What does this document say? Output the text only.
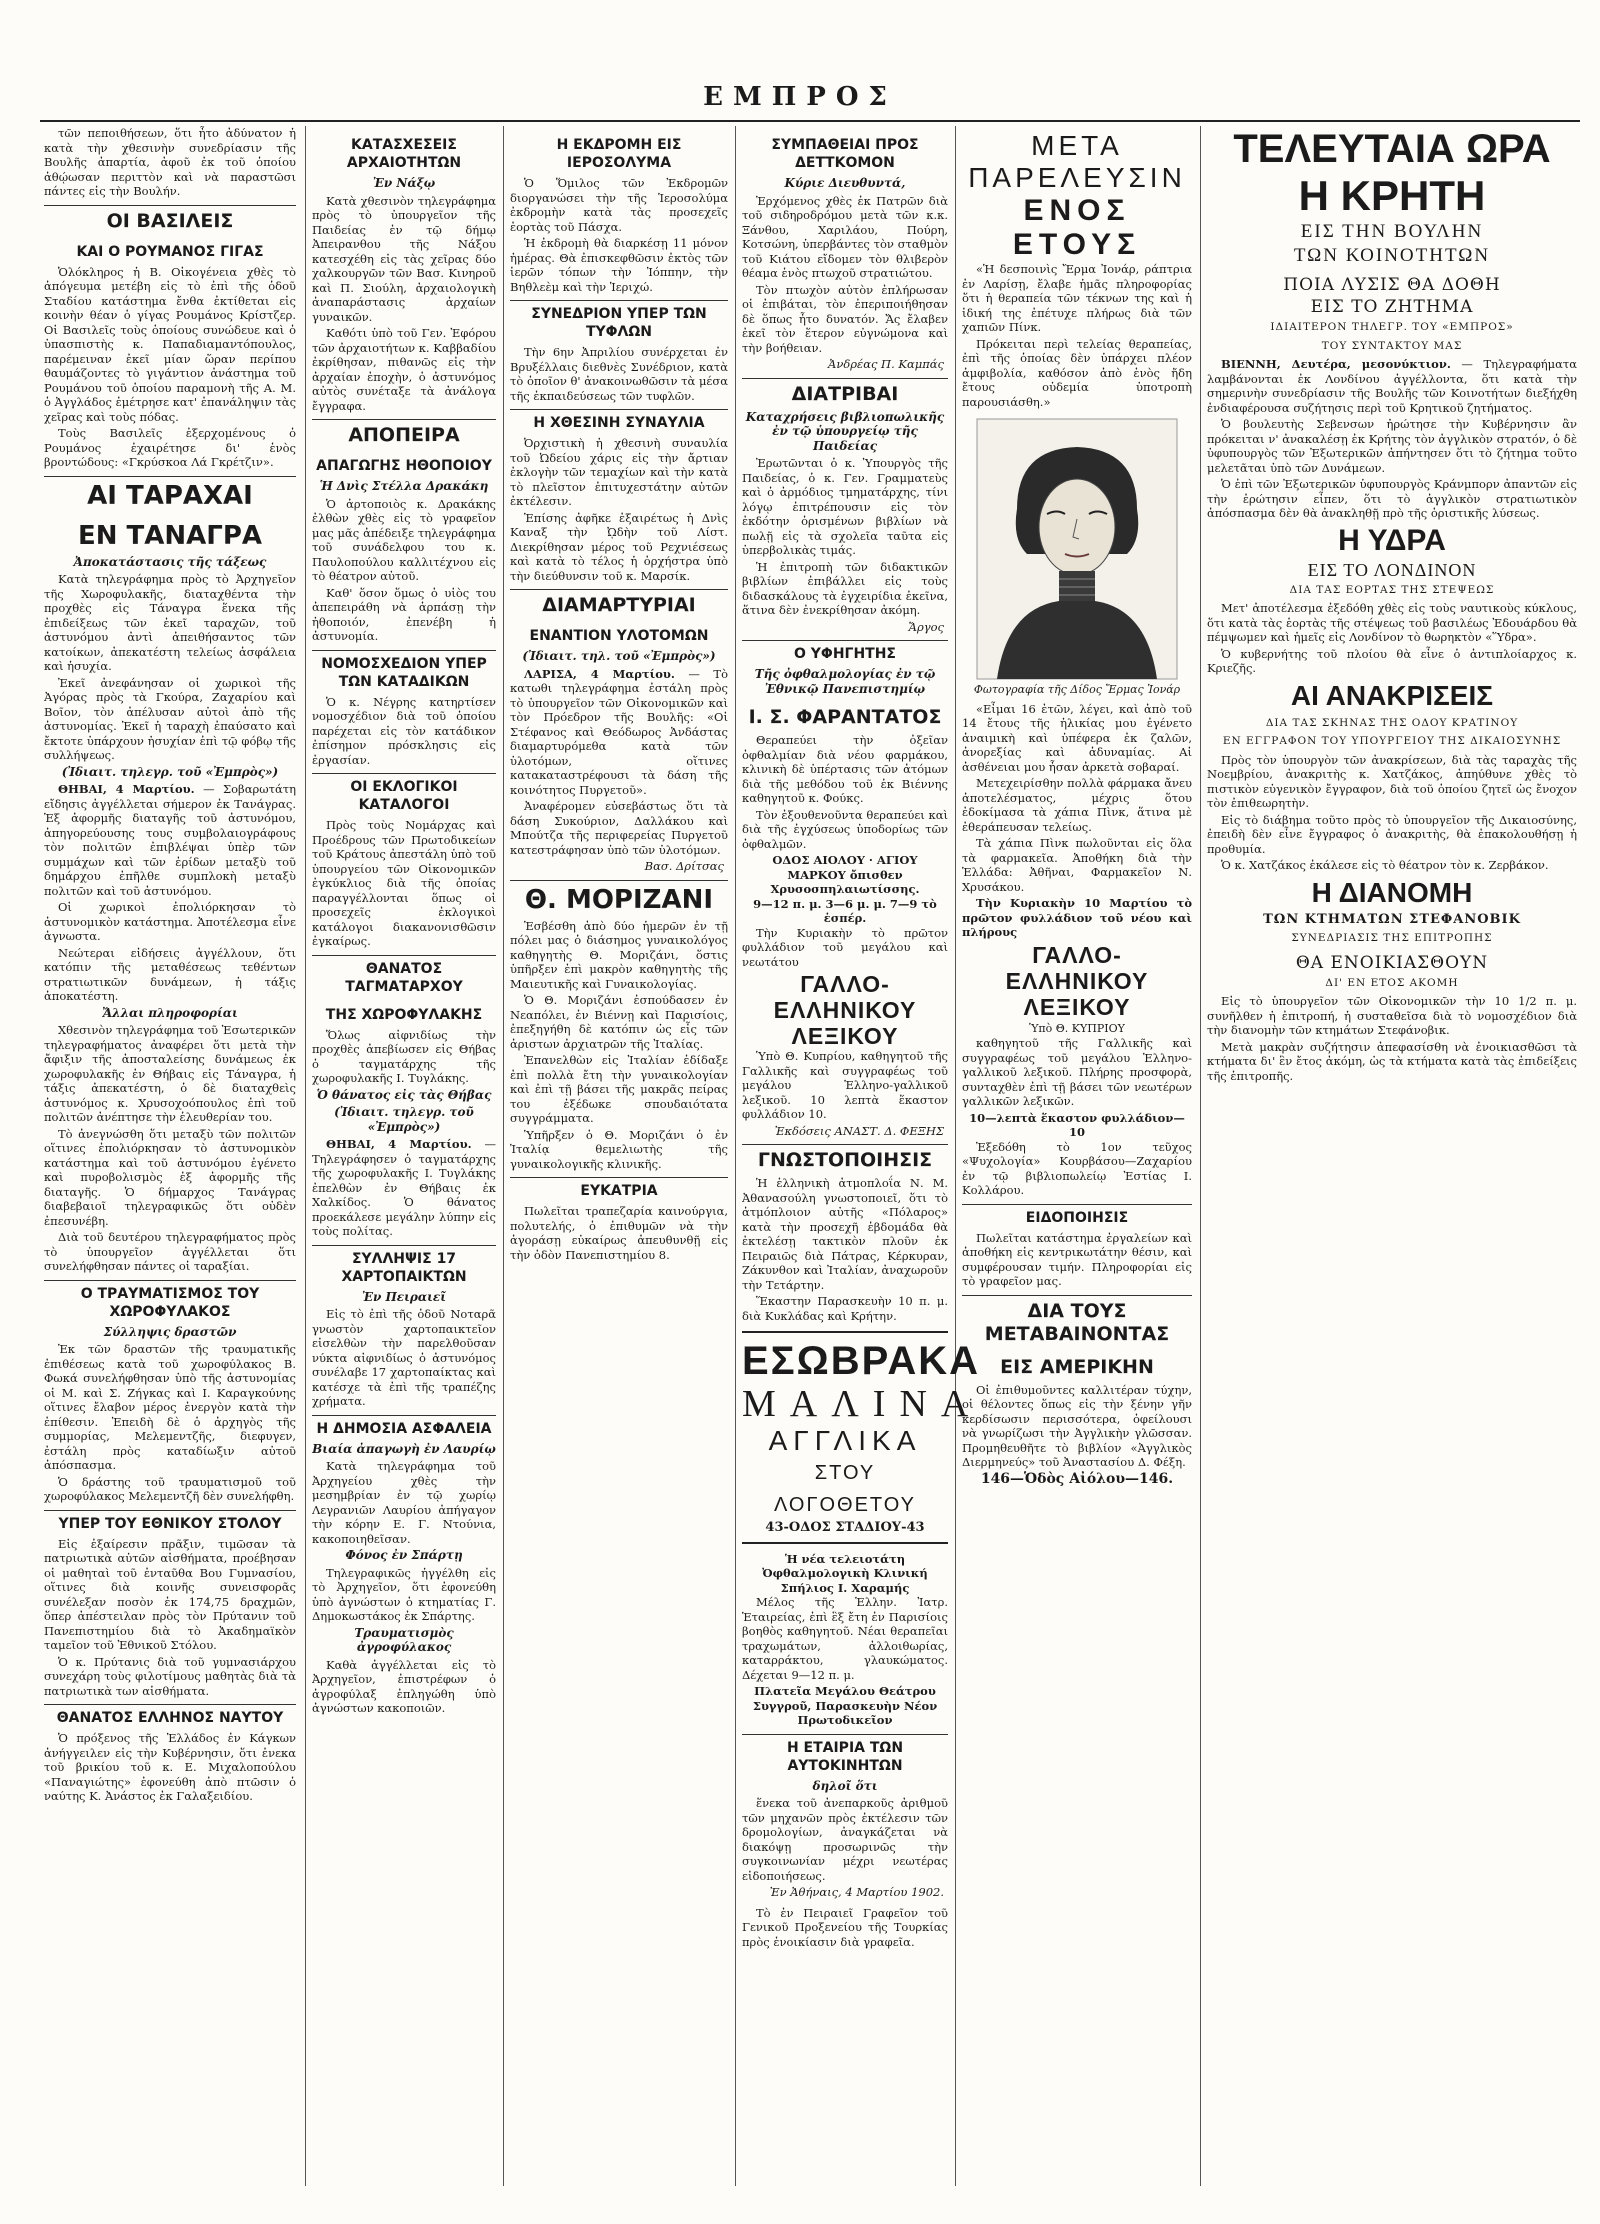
ΕΜΠΡΟΣ

τῶν πεποιθήσεων, ὅτι ἦτο ἀδύνατον ἡ κατὰ τὴν χθεσινὴν συνεδρίασιν τῆς Βουλῆς ἀπαρτία, ἀφοῦ ἐκ τοῦ ὁποίου ἀθῴωσαν περιττὸν καὶ νὰ παραστῶσι πάντες εἰς τὴν Βουλήν.

ΟΙ ΒΑΣΙΛΕΙΣ
ΚΑΙ Ο ΡΟΥΜΑΝΟΣ ΓΙΓΑΣ

Ὁλόκληρος ἡ Β. Οἰκογένεια χθὲς τὸ ἀπόγευμα μετέβη εἰς τὸ ἐπὶ τῆς ὁδοῦ Σταδίου κατάστημα ἔνθα ἐκτίθεται εἰς κοινὴν θέαν ὁ γίγας Ρουμάνος Κρίστζερ. Οἱ Βασιλεῖς τοὺς ὁποίους συνώδευε καὶ ὁ ὑπασπιστὴς κ. Παπαδιαμαντόπουλος, παρέμειναν ἐκεῖ μίαν ὥραν περίπου θαυμάζοντες τὸ γιγάντιον ἀνάστημα τοῦ Ρουμάνου τοῦ ὁποίου παραμονὴ τῆς Α. Μ. ὁ Ἀγγλάδος ἐμέτρησε κατ' ἐπανάληψιν τὰς χεῖρας καὶ τοὺς πόδας.

Τοὺς Βασιλεῖς ἐξερχομένους ὁ Ρουμάνος ἐχαιρέτησε δι' ἑνὸς βροντώδους: «Γκρύσκοα Λά Γκρέτζιν».

ΑΙ ΤΑΡΑΧΑΙ
ΕΝ ΤΑΝΑΓΡΑ
Ἀποκατάστασις τῆς τάξεως

Κατὰ τηλεγράφημα πρὸς τὸ Ἀρχηγεῖον τῆς Χωροφυλακῆς, διαταχθέντα τὴν προχθὲς εἰς Τάναγρα ἕνεκα τῆς ἐπιδείξεως τῶν ἐκεῖ ταραχῶν, τοῦ ἀστυνόμου ἀντὶ ἀπειθήσαντος τῶν κατοίκων, ἀπεκατέστη τελείως ἀσφάλεια καὶ ἡσυχία.

Ἐκεῖ ἀνεφάνησαν οἱ χωρικοὶ τῆς Ἀγόρας πρὸς τὰ Γκούρα, Ζαχαρίου καὶ Βοῖον, τὸν ἀπέλυσαν αὐτοὶ ἀπὸ τῆς ἀστυνομίας. Ἐκεῖ ἡ ταραχὴ ἐπαύσατο καὶ ἔκτοτε ὑπάρχουν ἡσυχίαν ἐπὶ τῷ φόβῳ τῆς συλλήψεως.

(Ἰδιαιτ. τηλεγρ. τοῦ «Ἐμπρὸς»)

ΘΗΒΑΙ, 4 Μαρτίου. — Σοβαρωτάτη εἴδησις ἀγγέλλεται σήμερον ἐκ Τανάγρας. Ἐξ ἀφορμῆς διαταγῆς τοῦ ἀστυνόμου, ἀπηγορεύουσης τους συμβολαιογράφους τὸν πολιτῶν ἐπιβλέψαι ὑπὲρ τῶν συμμάχων καὶ τῶν ἐρίδων μεταξὺ τοῦ δημάρχου ἐπῆλθε συμπλοκὴ μεταξὺ πολιτῶν καὶ τοῦ ἀστυνόμου.

Οἱ χωρικοὶ ἐπολιόρκησαν τὸ ἀστυνομικὸν κατάστημα. Ἀποτέλεσμα εἶνε ἀγνωστα.

Νεώτεραι εἰδήσεις ἀγγέλλουν, ὅτι κατόπιν τῆς μεταθέσεως τεθέντων στρατιωτικῶν δυνάμεων, ἡ τάξις ἀποκατέστη.

Ἄλλαι πληροφορίαι

Χθεσινὸν τηλεγράφημα τοῦ Ἐσωτερικῶν τηλεγραφήματος ἀναφέρει ὅτι μετὰ τὴν ἄφιξιν τῆς ἀποσταλείσης δυνάμεως ἐκ χωροφυλακῆς ἐν Θήβαις εἰς Τάναγρα, ἡ τάξις ἀπεκατέστη, ὁ δὲ διαταχθεὶς ἀστυνόμος κ. Χρυσοχοόπουλος ἐπὶ τοῦ πολιτῶν ἀνέπτησε τὴν ἐλευθερίαν του.

Τὸ ἀνεγνώσθη ὅτι μεταξὺ τῶν πολιτῶν οἵτινες ἐπολιόρκησαν τὸ ἀστυνομικὸν κατάστημα καὶ τοῦ ἀστυνόμου ἐγένετο καὶ πυροβολισμὸς ἐξ ἀφορμῆς τῆς διαταγῆς. Ὁ δήμαρχος Τανάγρας διαβεβαιοῖ τηλεγραφικῶς ὅτι οὐδὲν ἐπεσυνέβη.

Διὰ τοῦ δευτέρου τηλεγραφήματος πρὸς τὸ ὑπουργεῖον ἀγγέλλεται ὅτι συνελήφθησαν πάντες οἱ ταραξίαι.

Ο ΤΡΑΥΜΑΤΙΣΜΟΣ ΤΟΥ ΧΩΡΟΦΥΛΑΚΟΣ
Σύλληψις δραστῶν

Ἐκ τῶν δραστῶν τῆς τραυματικῆς ἐπιθέσεως κατὰ τοῦ χωροφύλακος Β. Φωκά συνελήφθησαν ὑπὸ τῆς ἀστυνομίας οἱ Μ. καὶ Σ. Ζήγκας καὶ Ι. Καραγκούνης οἵτινες ἔλαβον μέρος ἐνεργὸν κατὰ τὴν ἐπίθεσιν. Ἐπειδὴ δὲ ὁ ἀρχηγὸς τῆς συμμορίας, Μελεμεντζῆς, διεφυγεν, ἐστάλη πρὸς καταδίωξιν αὐτοῦ ἀπόσπασμα.

Ὁ δράστης τοῦ τραυματισμοῦ τοῦ χωροφύλακος Μελεμεντζῆ δὲν συνελήφθη.

ΥΠΕΡ ΤΟΥ ΕΘΝΙΚΟΥ ΣΤΟΛΟΥ

Εἰς ἐξαίρεσιν πρᾶξιν, τιμῶσαν τὰ πατριωτικὰ αὐτῶν αἰσθήματα, προέβησαν οἱ μαθηταὶ τοῦ ἐνταῦθα Βου Γυμνασίου, οἵτινες διὰ κοινῆς συνεισφορᾶς συνέλεξαν ποσὸν ἐκ 174,75 δραχμῶν, ὅπερ ἀπέστειλαν πρὸς τὸν Πρύτανιν τοῦ Πανεπιστημίου διὰ τὸ Ἀκαδημαϊκὸν ταμεῖον τοῦ Ἐθνικοῦ Στόλου.

Ὁ κ. Πρύτανις διὰ τοῦ γυμνασιάρχου συνεχάρη τοὺς φιλοτίμους μαθητὰς διὰ τὰ πατριωτικὰ των αἰσθήματα.

ΘΑΝΑΤΟΣ ΕΛΛΗΝΟΣ ΝΑΥΤΟΥ

Ὁ πρόξενος τῆς Ἑλλάδος ἐν Κάγκων ἀνήγγειλεν εἰς τὴν Κυβέρνησιν, ὅτι ἐνεκα τοῦ βρικίου τοῦ κ. Ε. Μιχαλοπούλου «Παναγιώτης» ἐφονεύθη ἀπὸ πτῶσιν ὁ ναύτης Κ. Ἀνάστος ἐκ Γαλαξειδίου.

ΚΑΤΑΣΧΕΣΕΙΣ ΑΡΧΑΙΟΤΗΤΩΝ
Ἐν Νάξῳ

Κατὰ χθεσινὸν τηλεγράφημα πρὸς τὸ ὑπουργεῖον τῆς Παιδείας ἐν τῷ δήμῳ Ἀπειρανθου τῆς Νάξου κατεσχέθη εἰς τὰς χεῖρας δύο χαλκουργῶν τῶν Βασ. Κινηροῦ καὶ Π. Σιούλη, ἀρχαιολογικὴ ἀναπαράστασις ἀρχαίων γυναικῶν.

Καθότι ὑπὸ τοῦ Γεν. Ἐφόρου τῶν ἀρχαιοτήτων κ. Καββαδίου ἐκρίθησαν, πιθανῶς εἰς τὴν ἀρχαίαν ἐποχὴν, ὁ ἀστυνόμος αὐτὸς συνέταξε τὰ ἀνάλογα ἔγγραφα.

ΑΠΟΠΕΙΡΑ
ΑΠΑΓΩΓΗΣ ΗΘΟΠΟΙΟΥ
Ἡ Δνὶς Στέλλα Δρακάκη

Ὁ ἀρτοποιὸς κ. Δρακάκης ἐλθὼν χθὲς εἰς τὸ γραφεῖον μας μᾶς ἀπέδειξε τηλεγράφημα τοῦ συνάδελφου του κ. Παυλοπούλου καλλιτέχνου εἰς τὸ θέατρον αὐτοῦ.

Καθ' ὅσον ὅμως ὁ υἱὸς του ἀπεπειράθη νὰ ἁρπάσῃ τὴν ἡθοποιόν, ἐπενέβη ἡ ἀστυνομία.

ΝΟΜΟΣΧΕΔΙΟΝ ΥΠΕΡ ΤΩΝ ΚΑΤΑΔΙΚΩΝ

Ὁ κ. Νέγρης κατηρτίσεν νομοσχέδιον διὰ τοῦ ὁποίου παρέχεται εἰς τὸν κατάδικον ἐπίσημον πρόσκλησις εἰς ἐργασίαν.

ΟΙ ΕΚΛΟΓΙΚΟΙ ΚΑΤΑΛΟΓΟΙ

Πρὸς τοὺς Νομάρχας καὶ Προέδρους τῶν Πρωτοδικείων τοῦ Κράτους ἀπεστάλη ὑπὸ τοῦ ὑπουργείου τῶν Οἰκονομικῶν ἐγκύκλιος διὰ τῆς ὁποίας παραγγέλλονται ὅπως οἱ προσεχεῖς ἐκλογικοὶ κατάλογοι διακανονισθῶσιν ἐγκαίρως.

ΘΑΝΑΤΟΣ ΤΑΓΜΑΤΑΡΧΟΥ
ΤΗΣ ΧΩΡΟΦΥΛΑΚΗΣ

Ὅλως αἰφνιδίως τὴν προχθὲς ἀπεβίωσεν εἰς Θήβας ὁ ταγματάρχης τῆς χωροφυλακῆς Ι. Τυγλάκης.

Ὁ θάνατος εἰς τὰς Θήβας
(Ἰδιαιτ. τηλεγρ. τοῦ «Ἐμπρὸς»)

ΘΗΒΑΙ, 4 Μαρτίου. — Τηλεγράφησεν ὁ ταγματάρχης τῆς χωροφυλακῆς Ι. Τυγλάκης ἐπελθὼν ἐν Θήβαις ἐκ Χαλκίδος. Ὁ θάνατος προεκάλεσε μεγάλην λύπην εἰς τοὺς πολίτας.

ΣΥΛΛΗΨΙΣ 17 ΧΑΡΤΟΠΑΙΚΤΩΝ
Ἐν Πειραιεῖ

Εἰς τὸ ἐπὶ τῆς ὁδοῦ Νοταρᾶ γνωστὸν χαρτοπαικτεῖον εἰσελθὼν τὴν παρελθοῦσαν νύκτα αἰφνιδίως ὁ ἀστυνόμος συνέλαβε 17 χαρτοπαίκτας καὶ κατέσχε τὰ ἐπὶ τῆς τραπέζης χρήματα.

Η ΔΗΜΟΣΙΑ ΑΣΦΑΛΕΙΑ
Βιαία ἀπαγωγὴ ἐν Λαυρίῳ

Κατὰ τηλεγράφημα τοῦ Ἀρχηγείου χθὲς τὴν μεσημβρίαν ἐν τῷ χωρίῳ Λεγρανιῶν Λαυρίου ἀπήγαγον τὴν κόρην Ε. Γ. Ντούνια, κακοποιηθεῖσαν.

Φόνος ἐν Σπάρτῃ

Τηλεγραφικῶς ἠγγέλθη εἰς τὸ Ἀρχηγεῖον, ὅτι ἐφονεύθη ὑπὸ ἀγνώστων ὁ κτηματίας Γ. Δημοκωστάκος ἐκ Σπάρτης.

Τραυματισμὸς ἀγροφύλακος

Καθὰ ἀγγέλλεται εἰς τὸ Ἀρχηγεῖον, ἐπιστρέφων ὁ ἀγροφύλαξ ἐπληγώθη ὑπὸ ἀγνώστων κακοποιῶν.

Η ΕΚΔΡΟΜΗ ΕΙΣ ΙΕΡΟΣΟΛΥΜΑ

Ὁ Ὅμιλος τῶν Ἐκδρομῶν διοργανώσει τὴν τῆς Ἱεροσολύμα ἐκδρομὴν κατὰ τὰς προσεχεῖς ἑορτὰς τοῦ Πάσχα.

Ἡ ἐκδρομὴ θὰ διαρκέσῃ 11 μόνον ἡμέρας. Θὰ ἐπισκεφθῶσιν ἐκτὸς τῶν ἱερῶν τόπων τὴν Ἰόππην, τὴν Βηθλεὲμ καὶ τὴν Ἱεριχώ.

ΣΥΝΕΔΡΙΟΝ ΥΠΕΡ ΤΩΝ ΤΥΦΛΩΝ

Τὴν 6ην Ἀπριλίου συνέρχεται ἐν Βρυξέλλαις διεθνὲς Συνέδριον, κατὰ τὸ ὁποῖον θ' ἀνακοινωθῶσιν τὰ μέσα τῆς ἐκπαιδεύσεως τῶν τυφλῶν.

Η ΧΘΕΣΙΝΗ ΣΥΝΑΥΛΙΑ

Ὀρχιστικὴ ἡ χθεσινὴ συναυλία τοῦ Ὠδείου χάρις εἰς τὴν ἄρτιαν ἐκλογὴν τῶν τεμαχίων καὶ τὴν κατὰ τὸ πλεῖστον ἐπιτυχεστάτην αὐτῶν ἐκτέλεσιν.

Ἐπίσης ἀφῆκε ἐξαιρέτως ἡ Δνὶς Καναξ τὴν ᾨδὴν τοῦ Λίστ. Διεκρίθησαν μέρος τοῦ Ρεχνιέσεως καὶ κατὰ τὸ τέλος ἡ ὀρχήστρα ὑπὸ τὴν διεύθυνσιν τοῦ κ. Μαρσίκ.

ΔΙΑΜΑΡΤΥΡΙΑΙ
ΕΝΑΝΤΙΟΝ ΥΛΟΤΟΜΩΝ
(Ἰδιαιτ. τηλ. τοῦ «Ἐμπρὸς»)

ΛΑΡΙΣΑ, 4 Μαρτίου. — Τὸ κατωθι τηλεγράφημα ἐστάλη πρὸς τὸ ὑπουργεῖον τῶν Οἰκονομικῶν καὶ τὸν Πρόεδρον τῆς Βουλῆς: «Οἱ Στέφανος καὶ Θεόδωρος Ἀνδάστας διαμαρτυρόμεθα κατὰ τῶν ὑλοτόμων, οἵτινες κατακαταστρέφουσι τὰ δάση τῆς κοινότητος Πυργετοῦ».

Ἀναφέρομεν εὐσεβάστως ὅτι τὰ δάση Συκούριον, Δαλλάκου καὶ Μπούτζα τῆς περιφερείας Πυργετοῦ κατεστράφησαν ὑπὸ τῶν ὑλοτόμων.

Βασ. Δρίτσας
Θ. ΜΟΡΙΖΑΝΙ

Ἐσβέσθη ἀπὸ δύο ἡμερῶν ἐν τῇ πόλει μας ὁ διάσημος γυναικολόγος καθηγητὴς Θ. Μοριζάνι, ὅστις ὑπῆρξεν ἐπὶ μακρὸν καθηγητὴς τῆς Μαιευτικῆς καὶ Γυναικολογίας.

Ὁ Θ. Μοριζάνι ἐσπούδασεν ἐν Νεαπόλει, ἐν Βιέννῃ καὶ Παρισίοις, ἐπεξηγήθη δὲ κατόπιν ὡς εἷς τῶν ἀριστων ἀρχιατρῶν τῆς Ἰταλίας.

Ἐπανελθὼν εἰς Ἰταλίαν ἐδίδαξε ἐπὶ πολλὰ ἔτη τὴν γυναικολογίαν καὶ ἐπὶ τῇ βάσει τῆς μακρᾶς πείρας του ἐξέδωκε σπουδαιότατα συγγράμματα.

Ὑπῆρξεν ὁ Θ. Μοριζάνι ὁ ἐν Ἰταλίᾳ θεμελιωτὴς τῆς γυναικολογικῆς κλινικῆς.

ΕΥΚΑΤΡΙΑ

Πωλεῖται τραπεζαρία καινούργια, πολυτελής, ὁ ἐπιθυμῶν νὰ τὴν ἀγοράσῃ εὐκαίρως ἀπευθυνθῇ εἰς τὴν ὁδὸν Πανεπιστημίου 8.

ΣΥΜΠΑΘΕΙΑΙ ΠΡΟΣ ΔΕΤΤΚΟΜΟΝ
Κύριε Διευθυντά,

Ἐρχόμενος χθὲς ἐκ Πατρῶν διὰ τοῦ σιδηροδρόμου μετὰ τῶν κ.κ. Ξάνθου, Χαριλάου, Πούρη, Κοτσώνη, ὑπερβάντες τὸν σταθμὸν τοῦ Κιάτου εἴδομεν τὸν θλιβερὸν θέαμα ἑνὸς πτωχοῦ στρατιώτου.

Τὸν πτωχὸν αὐτὸν ἐπλήρωσαν οἱ ἐπιβάται, τὸν ἐπεριποιήθησαν δὲ ὅπως ἦτο δυνατόν. Ἄς ἔλαβεν ἐκεῖ τὸν ἕτερον εὐγνώμονα καὶ τὴν βοήθειαν.

Ἀνδρέας Π. Καμπάς
ΔΙΑΤΡΙΒΑΙ
Καταχρήσεις βιβλιοπωλικῆς ἐν τῷ ὑπουργείῳ τῆς Παιδείας

Ἐρωτῶνται ὁ κ. Ὑπουργὸς τῆς Παιδείας, ὁ κ. Γεν. Γραμματεὺς καὶ ὁ ἀρμόδιος τμηματάρχης, τίνι λόγῳ ἐπιτρέπουσιν εἰς τὸν ἐκδότην ὁρισμένων βιβλίων νὰ πωλῇ εἰς τὰ σχολεῖα ταῦτα εἰς ὑπερβολικὰς τιμάς.

Ἡ ἐπιτροπὴ τῶν διδακτικῶν βιβλίων ἐπιβάλλει εἰς τοὺς διδασκάλους τὰ ἐγχειρίδια ἐκεῖνα, ἅτινα δὲν ἐνεκρίθησαν ἀκόμη.

Ἄργος
Ο ΥΦΗΓΗΤΗΣ
Τῆς ὀφθαλμολογίας ἐν τῷ Ἐθνικῷ Πανεπιστημίῳ
Ι. Σ. ΦΑΡΑΝΤΑΤΟΣ

Θεραπεύει τὴν ὀξεῖαν ὀφθαλμίαν διὰ νέου φαρμάκου, κλινικὴ δὲ ὑπέρτασις τῶν ἀτόμων διὰ τῆς μεθόδου τοῦ ἐκ Βιέννης καθηγητοῦ κ. Φούκς.

Τὸν ἐξουθενοῦντα θεραπεύει καὶ διὰ τῆς ἐγχύσεως ὑποδορίως τῶν ὀφθαλμῶν.

ΟΔΟΣ ΑΙΟΛΟΥ · ΑΓΙΟΥ ΜΑΡΚΟΥ ὄπισθεν Χρυσοσπηλαιωτίσσης.
9—12 π. μ. 3—6 μ. μ. 7—9 τὸ ἑσπέρ.

Τὴν Κυριακὴν τὸ πρῶτον φυλλάδιον τοῦ μεγάλου καὶ νεωτάτου

ΓΑΛΛΟ-ΕΛΛΗΝΙΚΟΥ ΛΕΞΙΚΟΥ

Ὑπὸ Θ. Κυπρίου, καθηγητοῦ τῆς Γαλλικῆς καὶ συγγραφέως τοῦ μεγάλου Ἑλληνο-γαλλικοῦ λεξικοῦ. 10 λεπτὰ ἕκαστον φυλλάδιον 10.

Ἐκδόσεις ΑΝΑΣΤ. Δ. ΦΕΞΗΣ
ΓΝΩΣΤΟΠΟΙΗΣΙΣ

Ἡ ἑλληνικὴ ἀτμοπλοΐα Ν. Μ. Ἀθανασούλη γνωστοποιεῖ, ὅτι τὸ ἀτμόπλοιον αὐτῆς «Πόλαρος» κατὰ τὴν προσεχῆ ἑβδομάδα θὰ ἐκτελέσῃ τακτικὸν πλοῦν ἐκ Πειραιῶς διὰ Πάτρας, Κέρκυραν, Ζάκυνθον καὶ Ἰταλίαν, ἀναχωροῦν τὴν Τετάρτην.

Ἕκαστην Παρασκευὴν 10 π. μ. διὰ Κυκλάδας καὶ Κρήτην.

ΕΣΩΒΡΑΚΑ
ΜΑΛΙΝΑ
ΑΓΓΛΙΚΑ
ΣΤΟΥ ΛΟΓΟΘΕΤΟΥ
43-ΟΔΟΣ ΣΤΑΔΙΟΥ-43
Ἡ νέα τελειοτάτη Ὀφθαλμολογικὴ Κλινική
Σπήλιος Ι. Χαραμής

Μέλος τῆς Ἑλλην. Ἰατρ. Ἑταιρείας, ἐπὶ ἓξ ἔτη ἐν Παρισίοις βοηθὸς καθηγητοῦ. Νέαι θεραπεῖαι τραχωμάτων, ἀλλοιθωρίας, καταρράκτου, γλαυκώματος. Δέχεται 9—12 π. μ.

Πλατεῖα Μεγάλου Θεάτρου Συγγροῦ, Παρασκευὴν Νέον Πρωτοδικεῖον
Η ΕΤΑΙΡΙΑ ΤΩΝ ΑΥΤΟΚΙΝΗΤΩΝ
δηλοῖ ὅτι

ἕνεκα τοῦ ἀνεπαρκοῦς ἀριθμοῦ τῶν μηχανῶν πρὸς ἐκτέλεσιν τῶν δρομολογίων, ἀναγκάζεται νὰ διακόψῃ προσωρινῶς τὴν συγκοινωνίαν μέχρι νεωτέρας εἰδοποιήσεως.

Ἐν Ἀθήναις, 4 Μαρτίου 1902.

Τὸ ἐν Πειραιεῖ Γραφεῖον τοῦ Γενικοῦ Προξενείου τῆς Τουρκίας πρὸς ἐνοικίασιν διὰ γραφεῖα.

ΜΕΤΑ ΠΑΡΕΛΕΥΣΙΝ
ΕΝΟΣ ΕΤΟΥΣ

«Ἡ δεσποινὶς Ἔρμα Ἰονάρ, ράπτρια ἐν Λαρίσῃ, ἔλαβε ἡμᾶς πληροφορίας ὅτι ἡ θεραπεία τῶν τέκνων της καὶ ἡ ἰδική της ἐπέτυχε πλήρως διὰ τῶν χαπιῶν Πίνκ.

Πρόκειται περὶ τελείας θεραπείας, ἐπὶ τῆς ὁποίας δὲν ὑπάρχει πλέον ἀμφιβολία, καθόσον ἀπὸ ἑνὸς ἤδη ἔτους οὐδεμία ὑποτροπὴ παρουσιάσθη.»

Φωτογραφία τῆς Δίδος Ἔρμας Ἰονάρ

«Εἶμαι 16 ἐτῶν, λέγει, καὶ ἀπὸ τοῦ 14 ἔτους τῆς ἡλικίας μου ἐγένετο ἀναιμικὴ καὶ ὑπέφερα ἐκ ζαλῶν, ἀνορεξίας καὶ ἀδυναμίας. Αἱ ἀσθένειαι μου ἦσαν ἀρκετὰ σοβαραί.

Μετεχειρίσθην πολλὰ φάρμακα ἄνευ ἀποτελέσματος, μέχρις ὅτου ἐδοκίμασα τὰ χάπια Πὶνκ, ἅτινα μὲ ἐθεράπευσαν τελείως.

Τὰ χάπια Πὶνκ πωλοῦνται εἰς ὅλα τὰ φαρμακεῖα. Ἀποθήκη διὰ τὴν Ἑλλάδα: Ἀθῆναι, Φαρμακεῖον Ν. Χρυσάκου.

Τὴν Κυριακὴν 10 Μαρτίου τὸ πρῶτον φυλλάδιον τοῦ νέου καὶ πλήρους

ΓΑΛΛΟ-ΕΛΛΗΝΙΚΟΥ ΛΕΞΙΚΟΥ
Ὑπὸ Θ. ΚΥΠΡΙΟΥ

καθηγητοῦ τῆς Γαλλικῆς καὶ συγγραφέως τοῦ μεγάλου Ἑλληνο-γαλλικοῦ λεξικοῦ. Πλήρης προσφορὰ, συνταχθὲν ἐπὶ τῇ βάσει τῶν νεωτέρων γαλλικῶν λεξικῶν.

10—λεπτὰ ἕκαστον φυλλάδιον—10

Ἐξεδόθη τὸ 1ον τεῦχος «Ψυχολογία» Κουρβάσου—Ζαχαρίου ἐν τῷ βιβλιοπωλείῳ Ἐστίας Ι. Κολλάρου.

ΕΙΔΟΠΟΙΗΣΙΣ

Πωλεῖται κατάστημα ἐργαλείων καὶ ἀποθήκη εἰς κεντρικωτάτην θέσιν, καὶ συμφέρουσαν τιμήν. Πληροφορίαι εἰς τὸ γραφεῖον μας.

ΔΙΑ ΤΟΥΣ ΜΕΤΑΒΑΙΝΟΝΤΑΣ
ΕΙΣ ΑΜΕΡΙΚΗΝ

Οἱ ἐπιθυμοῦντες καλλιτέραν τύχην, οἱ θέλοντες ὅπως εἰς τὴν ξένην γῆν κερδίσωσιν περισσότερα, ὀφείλουσι νὰ γνωρίζωσι τὴν Ἀγγλικὴν γλῶσσαν. Προμηθευθῆτε τὸ βιβλίον «Ἀγγλικὸς Διερμηνεύς» τοῦ Ἀναστασίου Δ. Φέξη.

146—Ὁδὸς Αἰόλου—146.
ΤΕΛΕΥΤΑΙΑ ΩΡΑ
Η ΚΡΗΤΗ
ΕΙΣ ΤΗΝ ΒΟΥΛΗΝ
ΤΩΝ ΚΟΙΝΟΤΗΤΩΝ
ΠΟΙΑ ΛΥΣΙΣ ΘΑ ΔΟΘΗ
ΕΙΣ ΤΟ ΖΗΤΗΜΑ
ΙΔΙΑΙΤΕΡΟΝ ΤΗΛΕΓΡ. ΤΟΥ «ΕΜΠΡΟΣ»
ΤΟΥ ΣΥΝΤΑΚΤΟΥ ΜΑΣ

ΒΙΕΝΝΗ, Δευτέρα, μεσονύκτιον. — Τηλεγραφήματα λαμβάνονται ἐκ Λονδίνου ἀγγέλλοντα, ὅτι κατὰ τὴν σημερινὴν συνεδρίασιν τῆς Βουλῆς τῶν Κοινοτήτων διεξήχθη ἐνδιαφέρουσα συζήτησις περὶ τοῦ Κρητικοῦ ζητήματος.

Ὁ βουλευτὴς Σεβενσων ἠρώτησε τὴν Κυβέρνησιν ἂν πρόκειται ν' ἀνακαλέσῃ ἐκ Κρήτης τὸν ἀγγλικὸν στρατόν, ὁ δὲ ὑφυπουργὸς τῶν Ἐξωτερικῶν ἀπήντησεν ὅτι τὸ ζήτημα τοῦτο μελετᾶται ὑπὸ τῶν Δυνάμεων.

Ὁ ἐπὶ τῶν Ἐξωτερικῶν ὑφυπουργὸς Κράνμπορν ἀπαντῶν εἰς τὴν ἐρώτησιν εἶπεν, ὅτι τὸ ἀγγλικὸν στρατιωτικὸν ἀπόσπασμα δὲν θὰ ἀνακληθῇ πρὸ τῆς ὁριστικῆς λύσεως.

Η ΥΔΡΑ
ΕΙΣ ΤΟ ΛΟΝΔΙΝΟΝ
ΔΙΑ ΤΑΣ ΕΟΡΤΑΣ ΤΗΣ ΣΤΕΨΕΩΣ

Μετ' ἀποτέλεσμα ἐξεδόθη χθὲς εἰς τοὺς ναυτικοὺς κύκλους, ὅτι κατὰ τὰς ἑορτὰς τῆς στέψεως τοῦ βασιλέως Ἐδουάρδου θὰ πέμψωμεν καὶ ἡμεῖς εἰς Λονδίνον τὸ θωρηκτὸν «Ὕδρα».

Ὁ κυβερνήτης τοῦ πλοίου θὰ εἶνε ὁ ἀντιπλοίαρχος κ. Κριεζῆς.

ΑΙ ΑΝΑΚΡΙΣΕΙΣ
ΔΙΑ ΤΑΣ ΣΚΗΝΑΣ ΤΗΣ ΟΔΟΥ ΚΡΑΤΙΝΟΥ
ΕΝ ΕΓΓΡΑΦΟΝ ΤΟΥ ΥΠΟΥΡΓΕΙΟΥ ΤΗΣ ΔΙΚΑΙΟΣΥΝΗΣ

Πρὸς τὸν ὑπουργὸν τῶν ἀνακρίσεων, διὰ τὰς ταραχὰς τῆς Νοεμβρίου, ἀνακριτὴς κ. Χατζάκος, ἀπηύθυνε χθὲς τὸ πιστικὸν εὐγενικὸν ἔγγραφον, διὰ τοῦ ὁποίου ζητεῖ ὡς ἔνοχον τὸν ἐπιθεωρητὴν.

Εἰς τὸ διάβημα τοῦτο πρὸς τὸ ὑπουργεῖον τῆς Δικαιοσύνης, ἐπειδὴ δὲν εἶνε ἔγγραφος ὁ ἀνακριτὴς, θὰ ἐπακολουθήσῃ ἡ προθυμία.

Ὁ κ. Χατζάκος ἐκάλεσε εἰς τὸ θέατρον τὸν κ. Ζερβάκον.

Η ΔΙΑΝΟΜΗ
ΤΩΝ ΚΤΗΜΑΤΩΝ ΣΤΕΦΑΝΟΒΙΚ
ΣΥΝΕΔΡΙΑΣΙΣ ΤΗΣ ΕΠΙΤΡΟΠΗΣ
ΘΑ ΕΝΟΙΚΙΑΣΘΟΥΝ
ΔΙ' ΕΝ ΕΤΟΣ ΑΚΟΜΗ

Εἰς τὸ ὑπουργεῖον τῶν Οἰκονομικῶν τὴν 10 1/2 π. μ. συνῆλθεν ἡ ἐπιτροπή, ἡ συσταθεῖσα διὰ τὸ νομοσχέδιον διὰ τὴν διανομὴν τῶν κτημάτων Στεφάνοβικ.

Μετὰ μακρὰν συζήτησιν ἀπεφασίσθη νὰ ἐνοικιασθῶσι τὰ κτήματα δι' ἓν ἔτος ἀκόμη, ὡς τὰ κτήματα κατὰ τὰς ἐπιδείξεις τῆς ἐπιτροπῆς.
